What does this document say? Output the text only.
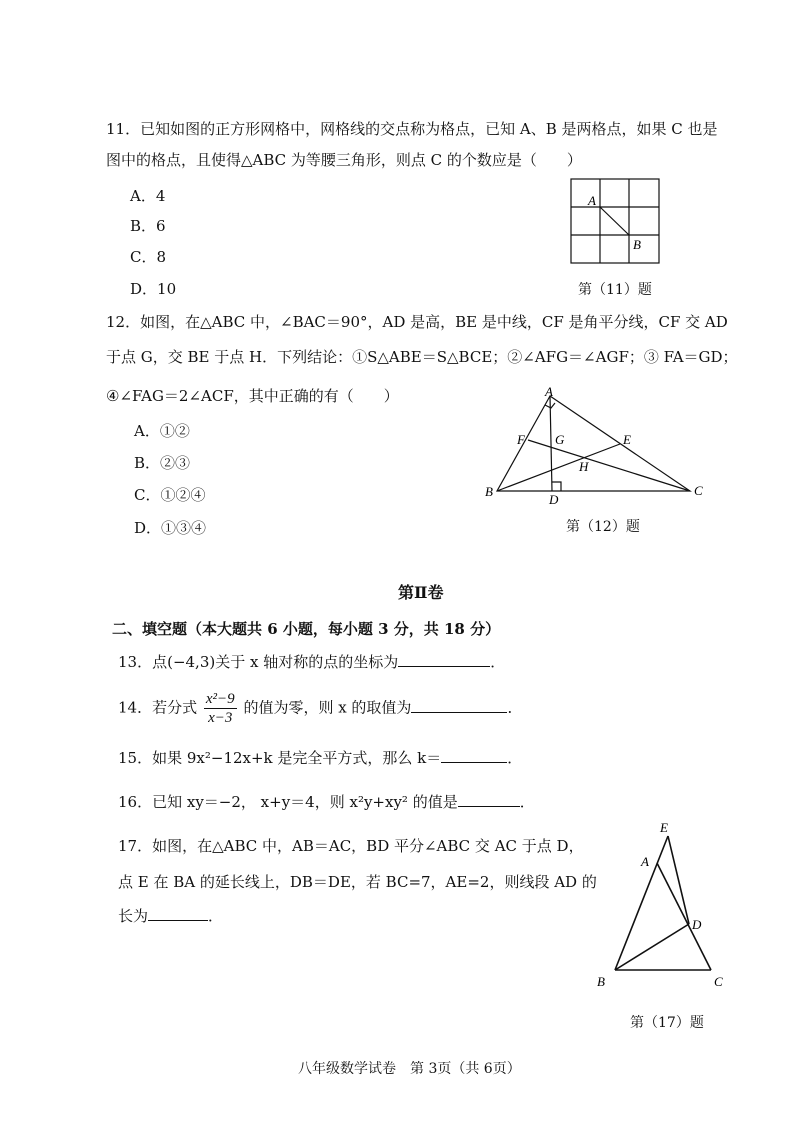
11．已知如图的正方形网格中，网格线的交点称为格点，已知 A、B 是两格点，如果 C 也是
图中的格点，且使得△ABC 为等腰三角形，则点 C 的个数应是（　　）
A．4
B．6
C．8
D．10
A
B
第（11）题
12．如图，在△ABC 中，∠BAC＝90°，AD 是高，BE 是中线，CF 是角平分线，CF 交 AD
于点 G，交 BE 于点 H．下列结论：①S△ABE＝S△BCE；②∠AFG＝∠AGF；③ FA＝GD；
④∠FAG＝2∠ACF，其中正确的有（　　）
A．①②
B．②③
C．①②④
D．①③④
A
B	C
D
E
F G
H
第（12）题
第Ⅱ卷
二、填空题（本大题共 6 小题，每小题 3 分，共 18 分）
13．点(−4,3)关于 x 轴对称的点的坐标为	．
14．若分式 $\frac{\text{x²−9}}{x-3}$ 的值为零，则 x 的取值为	．
15．如果 9x²−12x+k 是完全平方式，那么 k＝	．
16．已知 xy＝−2， x+y＝4，则 x²y+xy² 的值是	．
17．如图，在△ABC 中，AB＝AC，BD 平分∠ABC 交 AC 于点 D，
点 E 在 BA 的延长线上，DB＝DE，若 BC=7，AE=2，则线段 AD 的
长为	．
E
A
D
B	C
第（17）题
八年级数学试卷　第 3页（共 6页）
